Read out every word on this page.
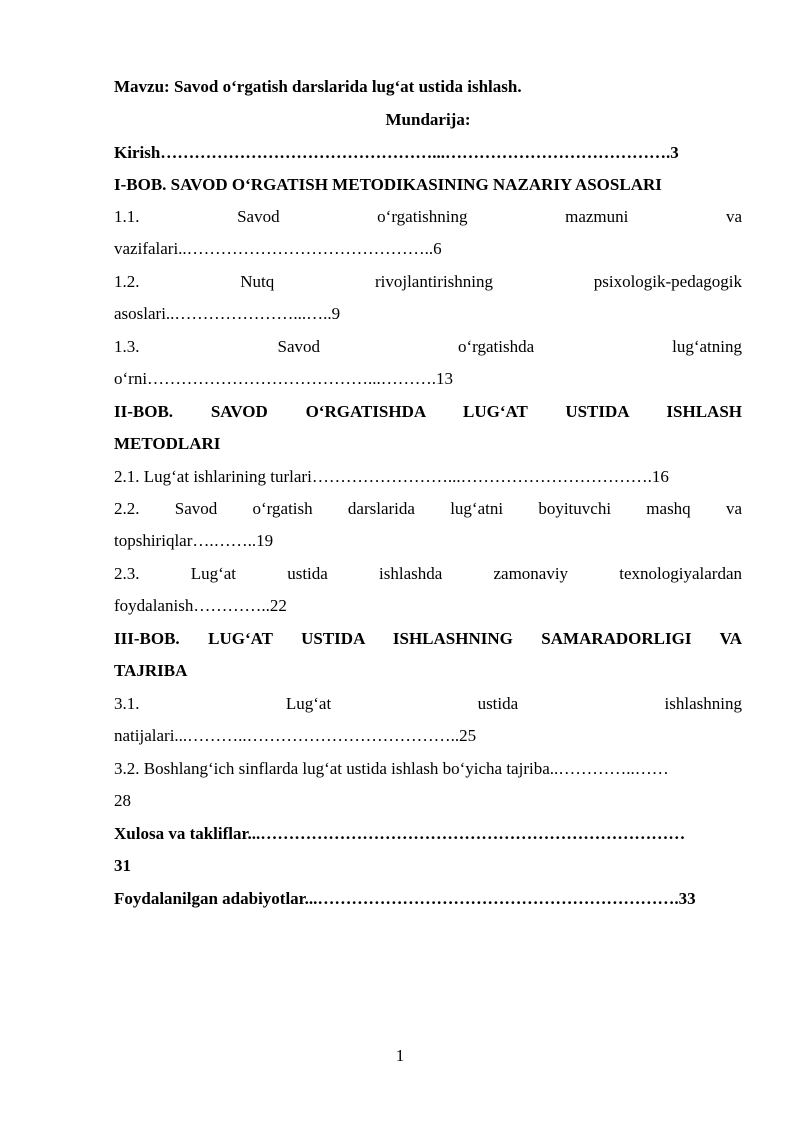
Mavzu: Savod o‘rgatish darslarida lug‘at ustida ishlash.
Mundarija:
Kirish…………………………………………...………………………………….3
I-BOB. SAVOD O‘RGATISH METODIKASINING NAZARIY ASOSLARI
1.1. Savod o‘rgatishning mazmuni va
vazifalari..……………………………………..6
1.2. Nutq rivojlantirishning psixologik-pedagogik
asoslari..…………………...…..9
1.3. Savod o‘rgatishda lug‘atning
o‘rni…………………………………...……….13
II-BOB. SAVOD O‘RGATISHDA LUG‘AT USTIDA ISHLASH
METODLARI
2.1. Lug‘at ishlarining turlari……………………...…………………………….16
2.2. Savod o‘rgatish darslarida lug‘atni boyituvchi mashq va
topshiriqlar….……..19
2.3. Lug‘at ustida ishlashda zamonaviy texnologiyalardan
foydalanish…………..22
III-BOB. LUG‘AT USTIDA ISHLASHNING SAMARADORLIGI VA
TAJRIBA
3.1. Lug‘at ustida ishlashning
natijalari...………..………………………………..25
3.2. Boshlang‘ich sinflarda lug‘at ustida ishlash bo‘yicha tajriba..…………..……
28
Xulosa va takliflar...…………………………………………………………………
31
Foydalanilgan adabiyotlar...……………………………………………………….33
1
